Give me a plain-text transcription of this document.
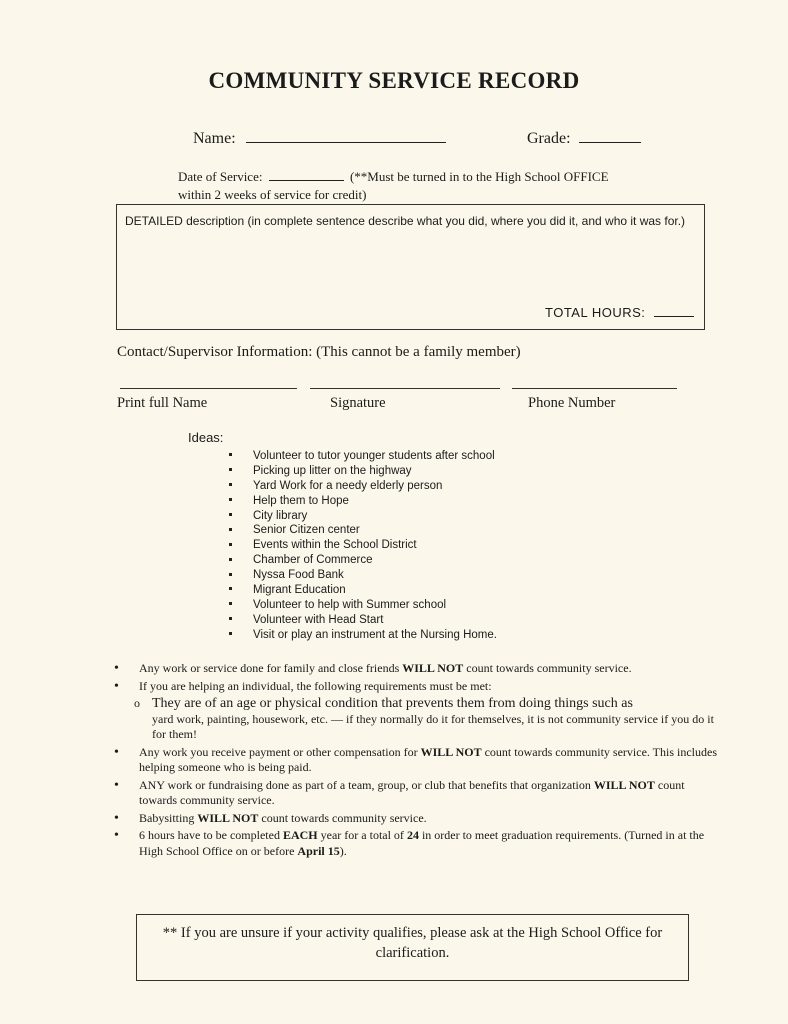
COMMUNITY SERVICE RECORD
Name:	Grade:
Date of Service:	(**Must be turned in to the High School OFFICE
within 2 weeks of service for credit)
DETAILED description (in complete sentence describe what you did, where you did it, and who it was for.)
TOTAL HOURS:
Contact/Supervisor Information: (This cannot be a family member)
Print full Name	Signature	Phone Number
Ideas:
Volunteer to tutor younger students after school
Picking up litter on the highway
Yard Work for a needy elderly person
Help them to Hope
City library
Senior Citizen center
Events within the School District
Chamber of Commerce
Nyssa Food Bank
Migrant Education
Volunteer to help with Summer school
Volunteer with Head Start
Visit or play an instrument at the Nursing Home.
• Any work or service done for family and close friends WILL NOT count towards community service.
• If you are helping an individual, the following requirements must be met:
o They are of an age or physical condition that prevents them from doing things such as
yard work, painting, housework, etc. — if they normally do it for themselves, it is not community service if you do it for them!
• Any work you receive payment or other compensation for WILL NOT count towards community service. This includes helping someone who is being paid.
• ANY work or fundraising done as part of a team, group, or club that benefits that organization WILL NOT count towards community service.
• Babysitting WILL NOT count towards community service.
• 6 hours have to be completed EACH year for a total of 24 in order to meet graduation requirements. (Turned in at the High School Office on or before April 15).
** If you are unsure if your activity qualifies, please ask at the High School Office for clarification.
